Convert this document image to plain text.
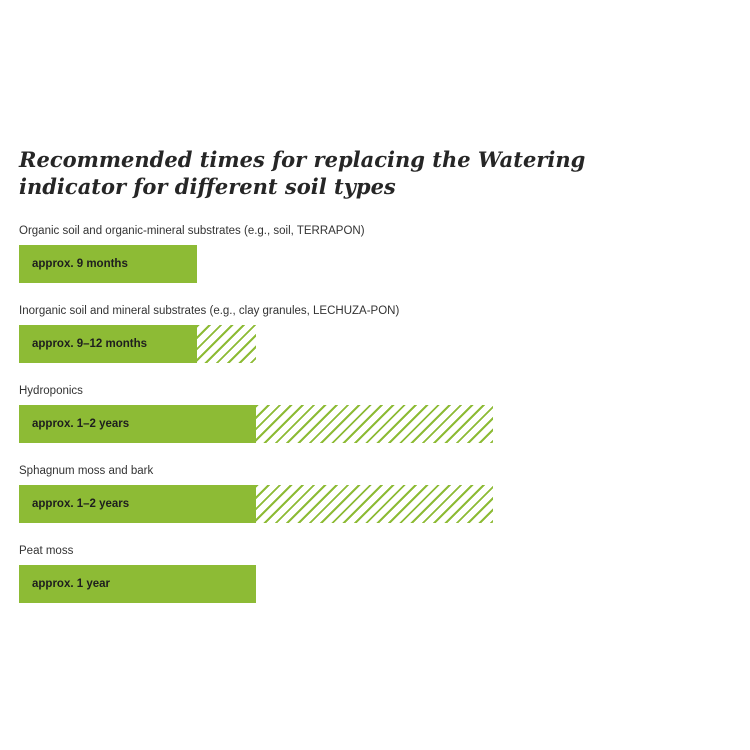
Recommended times for replacing the Watering indicator for different soil types
Organic soil and organic-mineral substrates (e.g., soil, TERRAPON)
approx. 9 months
Inorganic soil and mineral substrates (e.g., clay granules, LECHUZA-PON)
approx. 9–12 months
Hydroponics
approx. 1–2 years
Sphagnum moss and bark
approx. 1–2 years
Peat moss
approx. 1 year
